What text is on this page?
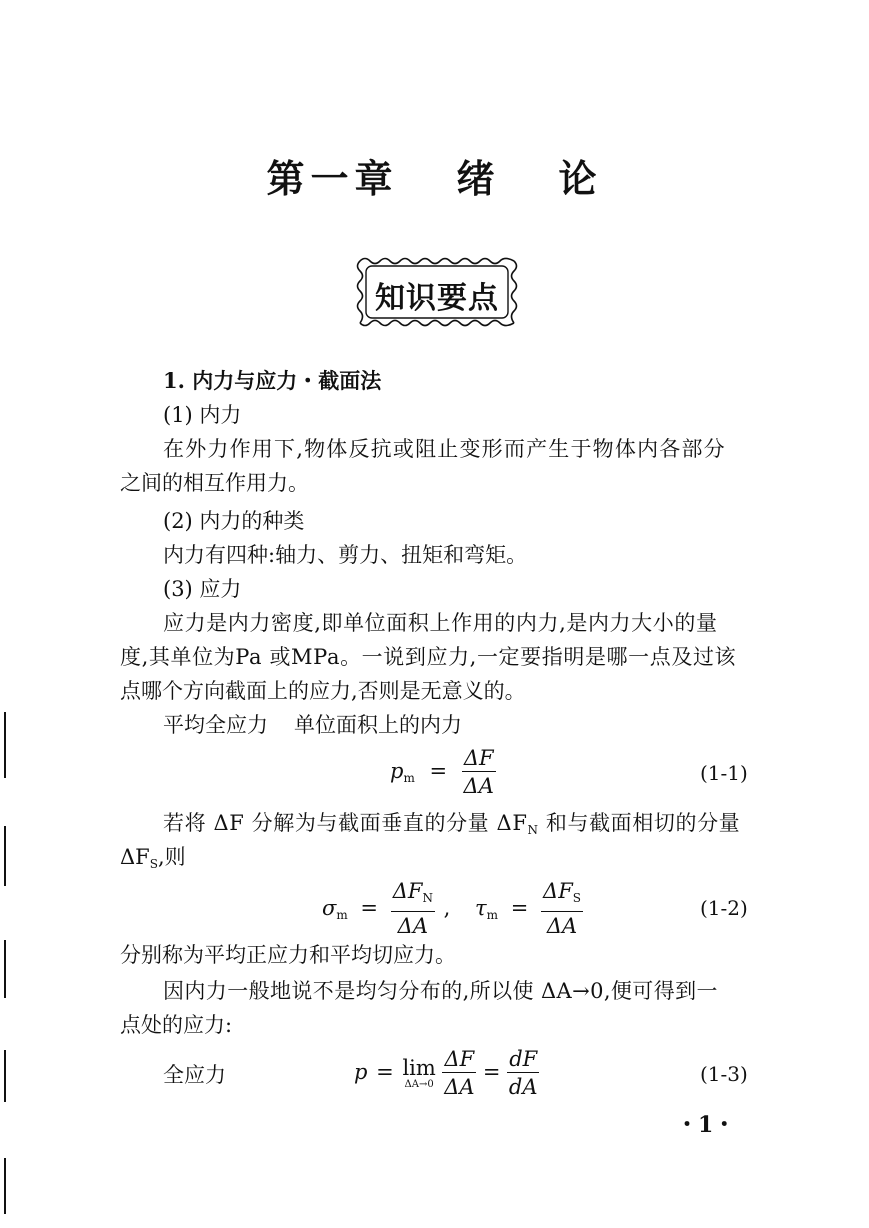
第一章 绪 论
知识要点
1. 内力与应力・截面法
(1) 内力
在外力作用下,物体反抗或阻止变形而产生于物体内各部分
之间的相互作用力。
(2) 内力的种类
内力有四种:轴力、剪力、扭矩和弯矩。
(3) 应力
应力是内力密度,即单位面积上作用的内力,是内力大小的量
度,其单位为Pa 或MPa。一说到应力,一定要指明是哪一点及过该
点哪个方向截面上的应力,否则是无意义的。
平均全应力 单位面积上的内力
$p_m = \frac{\Delta F}{\Delta A}$	(1-1)
若将 ΔF 分解为与截面垂直的分量 $\Delta F_N$ 和与截面相切的分量
$\Delta F_S$,则
$\sigma_m = \frac{\Delta F_N}{\Delta A}$ , $\tau_m = \frac{\Delta F_S}{\Delta A}$	(1-2)
分别称为平均正应力和平均切应力。
因内力一般地说不是均匀分布的,所以使 ΔA→0,便可得到一
点处的应力:
全应力	p = lim
ΔA→0
$\frac{\Delta F}{\Delta A} = \frac{dF}{dA}$	(1-3)
・1・
